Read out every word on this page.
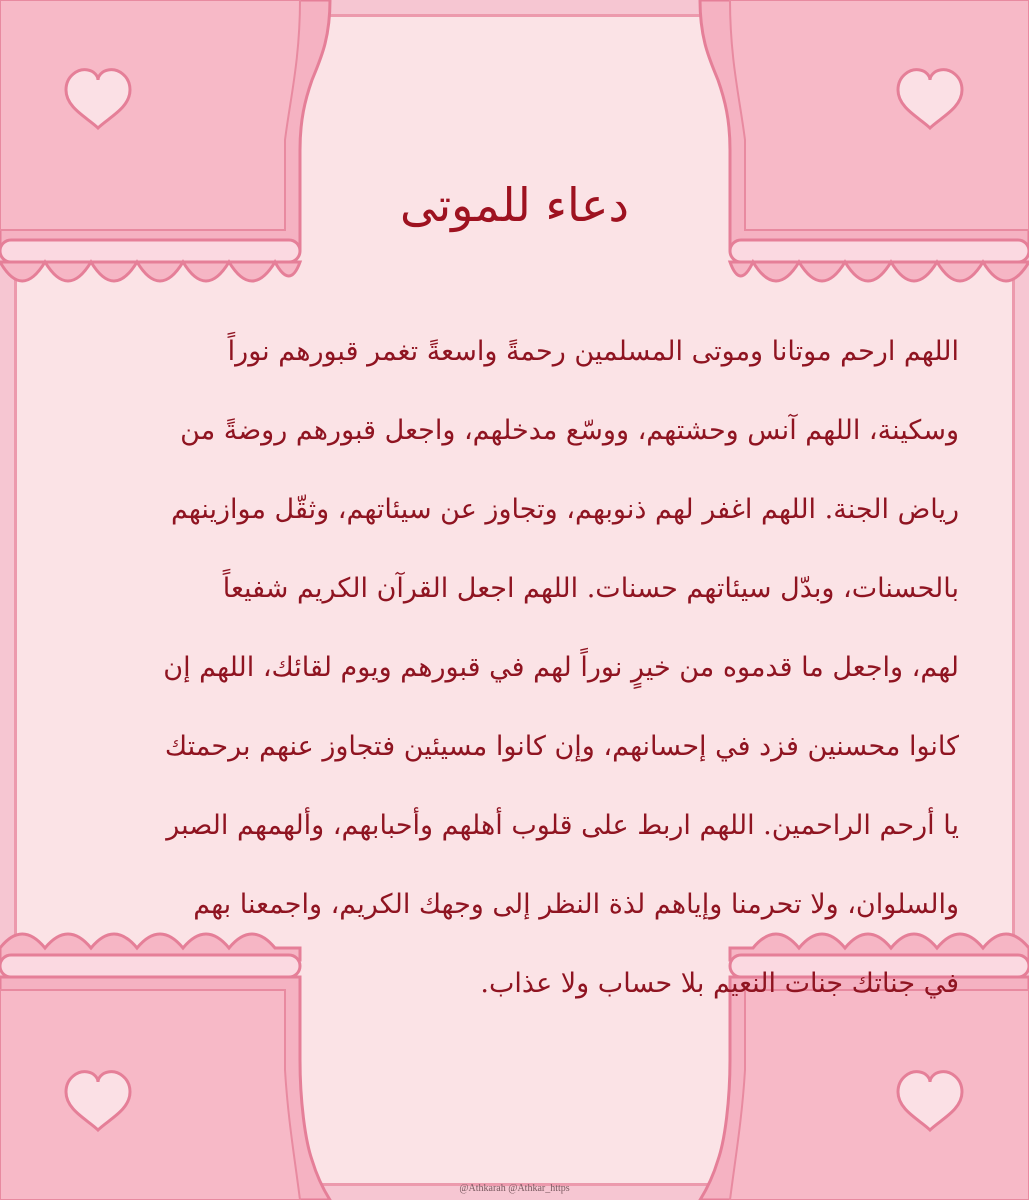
دعاء للموتى
اللهم ارحم موتانا وموتى المسلمين رحمةً واسعةً تغمر قبورهم نوراً
وسكينة، اللهم آنس وحشتهم، ووسّع مدخلهم، واجعل قبورهم روضةً من
رياض الجنة. اللهم اغفر لهم ذنوبهم، وتجاوز عن سيئاتهم، وثقّل موازينهم
بالحسنات، وبدّل سيئاتهم حسنات. اللهم اجعل القرآن الكريم شفيعاً
لهم، واجعل ما قدموه من خيرٍ نوراً لهم في قبورهم ويوم لقائك، اللهم إن
كانوا محسنين فزد في إحسانهم، وإن كانوا مسيئين فتجاوز عنهم برحمتك
يا أرحم الراحمين. اللهم اربط على قلوب أهلهم وأحبابهم، وألهمهم الصبر
والسلوان، ولا تحرمنا وإياهم لذة النظر إلى وجهك الكريم، واجمعنا بهم
في جناتك جنات النعيم بلا حساب ولا عذاب.
@Athkarah @Athkar_https
